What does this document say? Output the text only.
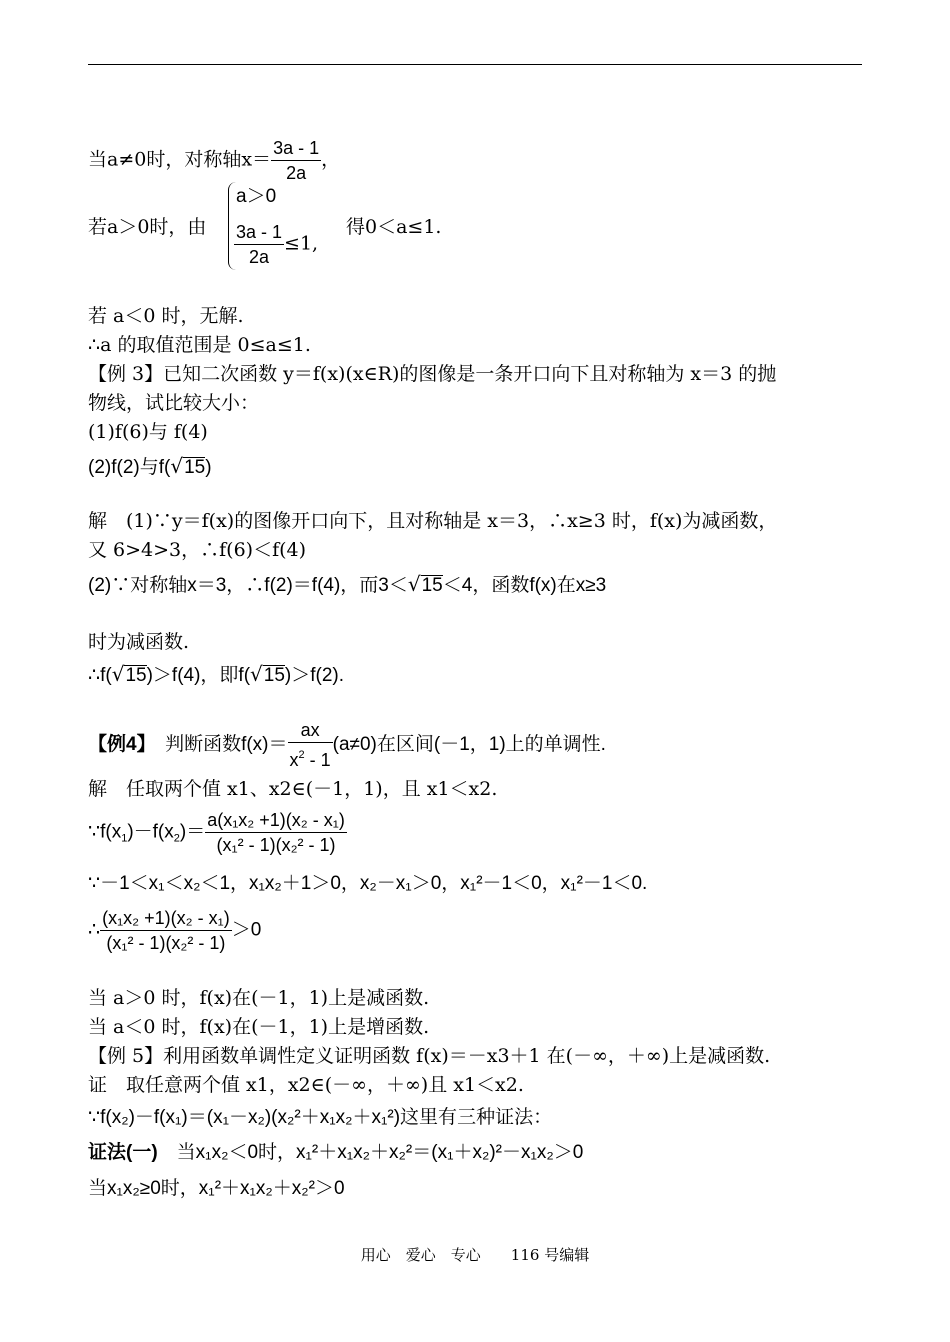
当a≠0时，对称轴$x= \frac{3a - 1}{2a}$ ，
若a＞0时，由
a＞0
$\frac{3a - 1}{2a} \le 1$,
得0＜a≤1.
若 a＜0 时，无解.
∴a 的取值范围是 0≤a≤1.
【例 3】已知二次函数 y＝f(x)(x∈R)的图像是一条开口向下且对称轴为 x＝3 的抛
物线，试比较大小：
(1)f(6)与 f(4)
(2)f(2)与f(√15)
解　(1)∵y＝f(x)的图像开口向下，且对称轴是 x＝3，∴x≥3 时，f(x)为减函数，
又 6>4>3，∴f(6)＜f(4)
(2)∵对称轴x＝3，∴f(2)＝f(4)，而3＜√15＜4，函数f(x)在x≥3
时为减函数.
∴f(√15)＞f(4)，即f(√15)＞f(2).
【例4】　判断函数$f(x)= \frac{ax}{x^2 - 1} (a\ne 0)$在区间(－1，1)上的单调性.
解　任取两个值 x1、x2∈(－1，1)，且 x1＜x2.
$\because f(x_1)-f(x_2)= \frac{\text{a(x₁x₂ +1)(x₂ - x₁)}}{\text{(x₁² - 1)(x₂² - 1)}}$
∵－1＜x₁＜x₂＜1，x₁x₂＋1＞0，x₂－x₁＞0，x₁²－1＜0，x₁²－1＜0.
∴ $\frac{\text{(x₁x₂ +1)(x₂ - x₁)}}{\text{(x₁² - 1)(x₂² - 1)}} >0$
当 a＞0 时，f(x)在(－1，1)上是减函数.
当 a＜0 时，f(x)在(－1，1)上是增函数.
【例 5】利用函数单调性定义证明函数 f(x)＝－x3＋1 在(－∞，＋∞)上是减函数.
证　取任意两个值 x1，x2∈(－∞，＋∞)且 x1＜x2.
∵f(x₂)－f(x₁)＝(x₁－x₂)(x₂²＋x₁x₂＋x₁²)这里有三种证法：
证法(一)　当x₁x₂＜0时，x₁²＋x₁x₂＋x₂²＝(x₁＋x₂)²－x₁x₂＞0
当x₁x₂≥0时，x₁²＋x₁x₂＋x₂²＞0
用心　爱心　专心　　116 号编辑
